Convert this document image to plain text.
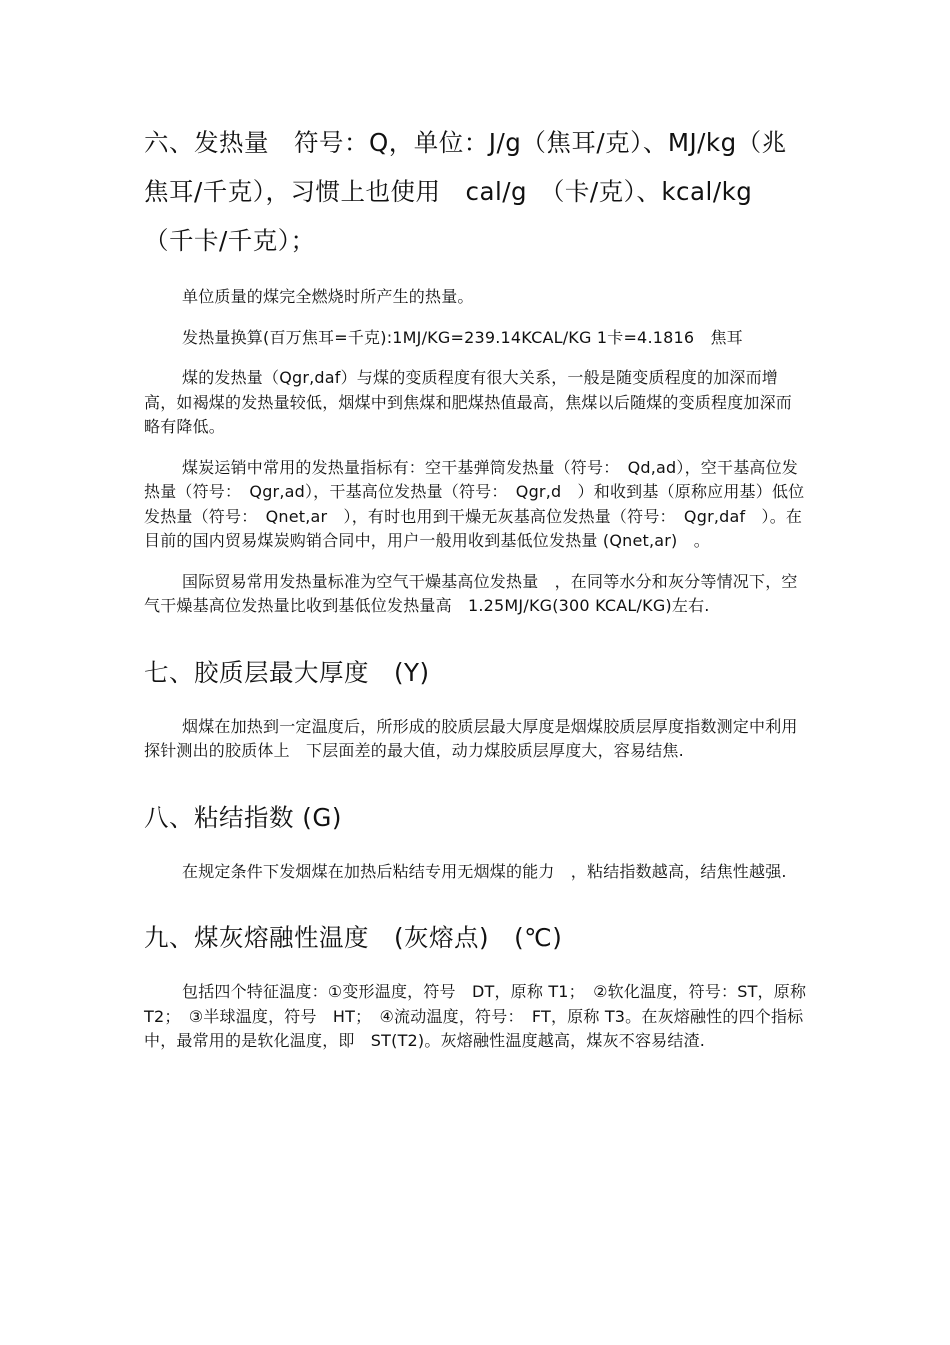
六、发热量　符号：Q，单位：J/g（焦耳/克）、MJ/kg（兆焦耳/千克），习惯上也使用　cal/g　（卡/克）、kcal/kg　（千卡/千克）；

单位质量的煤完全燃烧时所产生的热量。

发热量换算(百万焦耳=千克):1MJ/KG=239.14KCAL/KG 1卡=4.1816　焦耳

煤的发热量（Qgr,daf）与煤的变质程度有很大关系，一般是随变质程度的加深而增高，如褐煤的发热量较低，烟煤中到焦煤和肥煤热值最高，焦煤以后随煤的变质程度加深而略有降低。

煤炭运销中常用的发热量指标有：空干基弹筒发热量（符号：　Qd,ad），空干基高位发热量（符号：　Qgr,ad），干基高位发热量（符号：　Qgr,d　）和收到基（原称应用基）低位发热量（符号：　Qnet,ar　），有时也用到干燥无灰基高位发热量（符号：　Qgr,daf　）。在目前的国内贸易煤炭购销合同中，用户一般用收到基低位发热量 (Qnet,ar)　。

国际贸易常用发热量标准为空气干燥基高位发热量　，在同等水分和灰分等情况下，空气干燥基高位发热量比收到基低位发热量高　1.25MJ/KG(300 KCAL/KG)左右.

七、胶质层最大厚度　(Y)

烟煤在加热到一定温度后，所形成的胶质层最大厚度是烟煤胶质层厚度指数测定中利用探针测出的胶质体上　下层面差的最大值，动力煤胶质层厚度大，容易结焦.

八、粘结指数 (G)

在规定条件下发烟煤在加热后粘结专用无烟煤的能力　，粘结指数越高，结焦性越强.

九、煤灰熔融性温度　(灰熔点)　(℃)

包括四个特征温度：①变形温度，符号　DT，原称 T1；　②软化温度，符号：ST，原称 T2；　③半球温度，符号　HT；　④流动温度，符号：　FT，原称 T3。在灰熔融性的四个指标中，最常用的是软化温度，即　ST(T2)。灰熔融性温度越高，煤灰不容易结渣.
